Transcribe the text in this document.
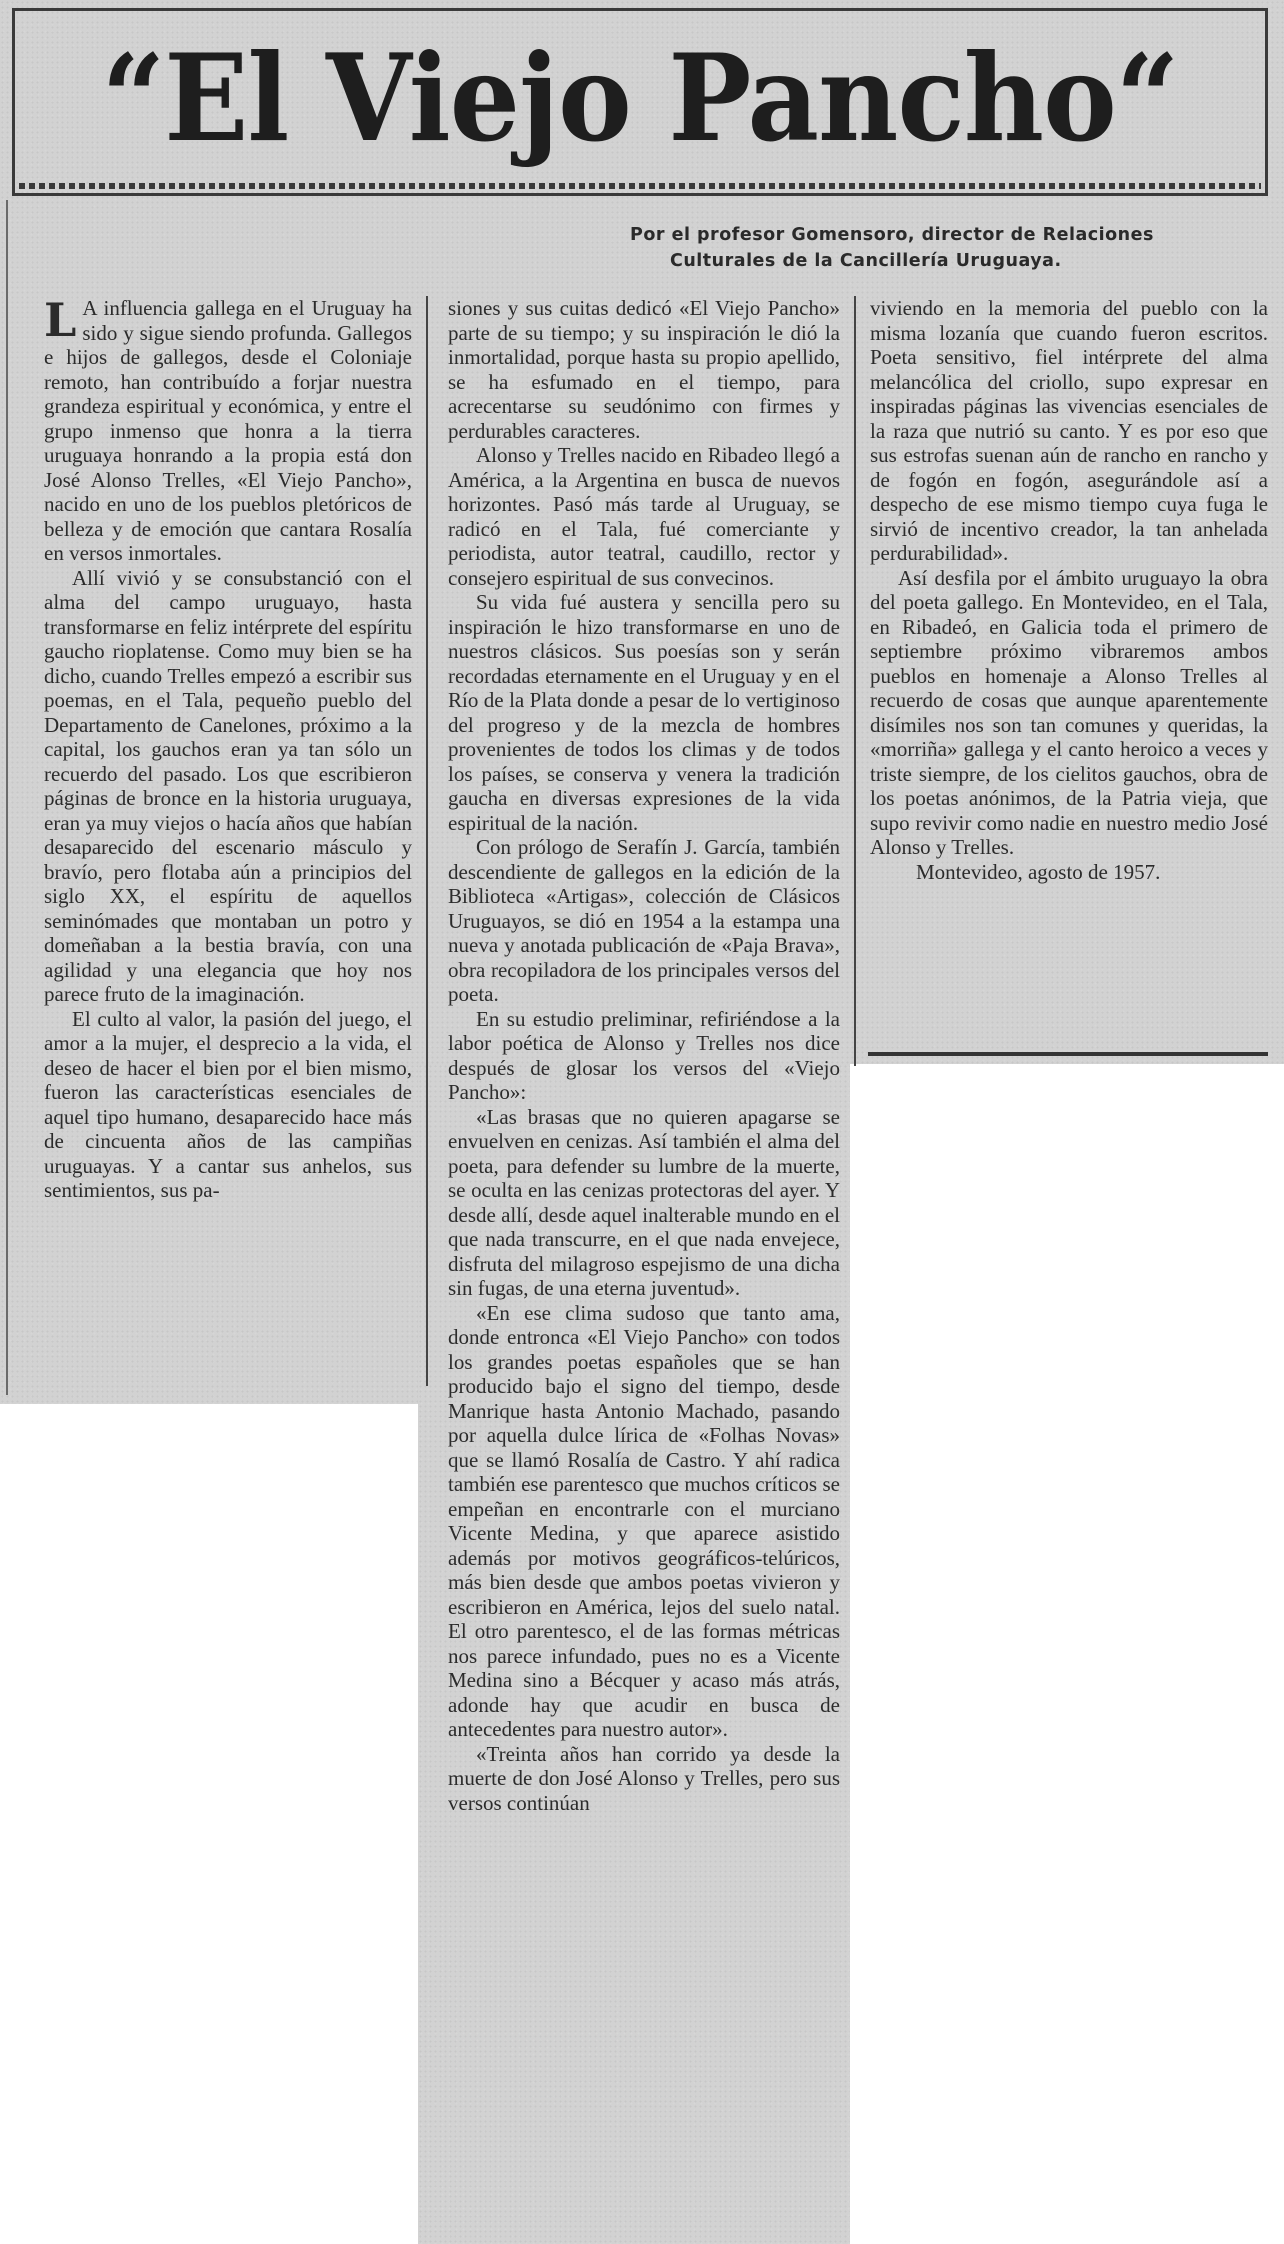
“El Viejo Pancho“
Por el profesor Gomensoro, director de Relaciones
Culturales de la Cancillería Uruguaya.

L A influencia gallega en el Uruguay ha sido y sigue siendo profunda. Gallegos e hijos de gallegos, desde el Coloniaje remoto, han contribuído a forjar nuestra grandeza espiritual y económica, y entre el grupo inmenso que honra a la tierra uruguaya honrando a la propia está don José Alonso Trelles, «El Viejo Pancho», nacido en uno de los pueblos pletóricos de belleza y de emoción que cantara Rosalía en versos inmortales.

Allí vivió y se consubstanció con el alma del campo uruguayo, hasta transformarse en feliz intérprete del espíritu gaucho rioplatense. Como muy bien se ha dicho, cuando Trelles empezó a escribir sus poemas, en el Tala, pequeño pueblo del Departamento de Canelones, próximo a la capital, los gauchos eran ya tan sólo un recuerdo del pasado. Los que escribieron páginas de bronce en la historia uruguaya, eran ya muy viejos o hacía años que habían desaparecido del escenario másculo y bravío, pero flotaba aún a principios del siglo XX, el espíritu de aquellos seminómades que montaban un potro y domeñaban a la bestia bravía, con una agilidad y una elegancia que hoy nos parece fruto de la imaginación.

El culto al valor, la pasión del juego, el amor a la mujer, el desprecio a la vida, el deseo de hacer el bien por el bien mismo, fueron las características esenciales de aquel tipo humano, desaparecido hace más de cincuenta años de las campiñas uruguayas. Y a cantar sus anhelos, sus sentimientos, sus pa-

siones y sus cuitas dedicó «El Viejo Pancho» parte de su tiempo; y su inspiración le dió la inmortalidad, porque hasta su propio apellido, se ha esfumado en el tiempo, para acrecentarse su seudónimo con firmes y perdurables caracteres.

Alonso y Trelles nacido en Ribadeo llegó a América, a la Argentina en busca de nuevos horizontes. Pasó más tarde al Uruguay, se radicó en el Tala, fué comerciante y periodista, autor teatral, caudillo, rector y consejero espiritual de sus convecinos.

Su vida fué austera y sencilla pero su inspiración le hizo transformarse en uno de nuestros clásicos. Sus poesías son y serán recordadas eternamente en el Uruguay y en el Río de la Plata donde a pesar de lo vertiginoso del progreso y de la mezcla de hombres provenientes de todos los climas y de todos los países, se conserva y venera la tradición gaucha en diversas expresiones de la vida espiritual de la nación.

Con prólogo de Serafín J. García, también descendiente de gallegos en la edición de la Biblioteca «Artigas», colección de Clásicos Uruguayos, se dió en 1954 a la estampa una nueva y anotada publicación de «Paja Brava», obra recopiladora de los principales versos del poeta.

En su estudio preliminar, refiriéndose a la labor poética de Alonso y Trelles nos dice después de glosar los versos del «Viejo Pancho»:

«Las brasas que no quieren apagarse se envuelven en cenizas. Así también el alma del poeta, para defender su lumbre de la muerte, se oculta en las cenizas protectoras del ayer. Y desde allí, desde aquel inalterable mundo en el que nada transcurre, en el que nada envejece, disfruta del milagroso espejismo de una dicha sin fugas, de una eterna juventud».

«En ese clima sudoso que tanto ama, donde entronca «El Viejo Pancho» con todos los grandes poetas españoles que se han producido bajo el signo del tiempo, desde Manrique hasta Antonio Machado, pasando por aquella dulce lírica de «Folhas Novas» que se llamó Rosalía de Castro. Y ahí radica también ese parentesco que muchos críticos se empeñan en encontrarle con el murciano Vicente Medina, y que aparece asistido además por motivos geográficos-telúricos, más bien desde que ambos poetas vivieron y escribieron en América, lejos del suelo natal. El otro parentesco, el de las formas métricas nos parece infundado, pues no es a Vicente Medina sino a Bécquer y acaso más atrás, adonde hay que acudir en busca de antecedentes para nuestro autor».

«Treinta años han corrido ya desde la muerte de don José Alonso y Trelles, pero sus versos continúan

viviendo en la memoria del pueblo con la misma lozanía que cuando fueron escritos. Poeta sensitivo, fiel intérprete del alma melancólica del criollo, supo expresar en inspiradas páginas las vivencias esenciales de la raza que nutrió su canto. Y es por eso que sus estrofas suenan aún de rancho en rancho y de fogón en fogón, asegurándole así a despecho de ese mismo tiempo cuya fuga le sirvió de incentivo creador, la tan anhelada perdurabilidad».

Así desfila por el ámbito uruguayo la obra del poeta gallego. En Montevideo, en el Tala, en Ribadeó, en Galicia toda el primero de septiembre próximo vibraremos ambos pueblos en homenaje a Alonso Trelles al recuerdo de cosas que aunque aparentemente disímiles nos son tan comunes y queridas, la «morriña» gallega y el canto heroico a veces y triste siempre, de los cielitos gauchos, obra de los poetas anónimos, de la Patria vieja, que supo revivir como nadie en nuestro medio José Alonso y Trelles.

Montevideo, agosto de 1957.
